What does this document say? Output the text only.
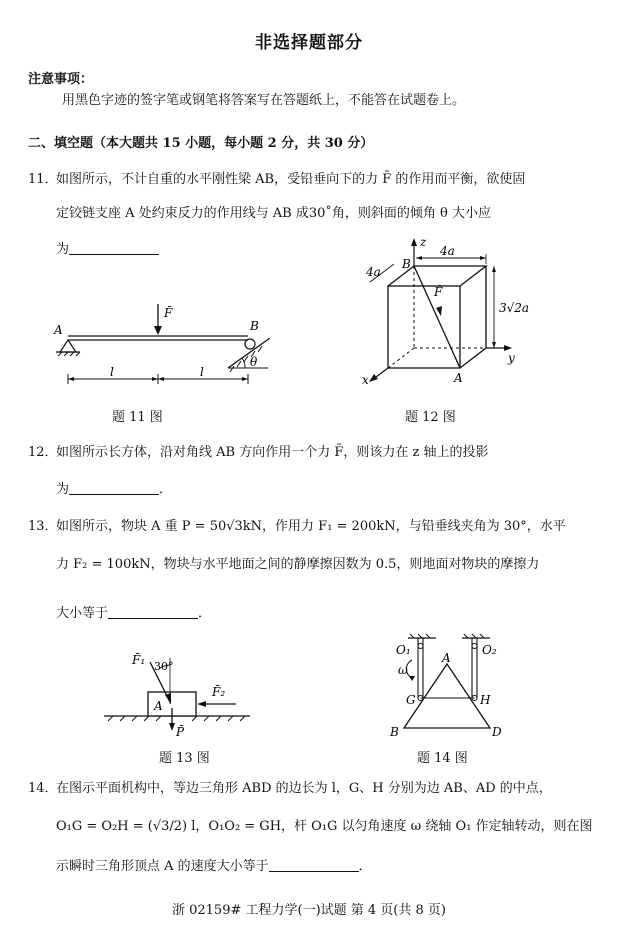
非选择题部分
注意事项：
用黑色字迹的签字笔或钢笔将答案写在答题纸上，不能答在试题卷上。
二、填空题（本大题共 15 小题，每小题 2 分，共 30 分）
11．
如图所示，不计自重的水平刚性梁 AB，受铅垂向下的力 F̄ 的作用而平衡，欲使固
定铰链支座 A 处约束反力的作用线与 AB 成30˚角，则斜面的倾角 θ 大小应
为
A
F̄
B
θ
l	l
题 11 图
z
B
4a
4a
3√2a
F̄
y
x	A
题 12 图
12．
如图所示长方体，沿对角线 AB 方向作用一个力 F̄，则该力在 z 轴上的投影
为	．
13．
如图所示，物块 A 重 P = 50√3kN，作用力 F₁ = 200kN，与铅垂线夹角为 30°，水平
力 F₂ = 100kN，物块与水平地面之间的静摩擦因数为 0.5，则地面对物块的摩擦力
大小等于	．
F̄₁ 30°
F̄₂
A
P̄
题 13 图
O₁	O₂
A
ω
G	H
B	D
题 14 图
14．
在图示平面机构中，等边三角形 ABD 的边长为 l，G、H 分别为边 AB、AD 的中点，
O₁G = O₂H = (√3/2) l，O₁O₂ = GH，杆 O₁G 以匀角速度 ω 绕轴 O₁ 作定轴转动，则在图
示瞬时三角形顶点 A 的速度大小等于	．
浙 02159# 工程力学(一)试题 第 4 页(共 8 页)
